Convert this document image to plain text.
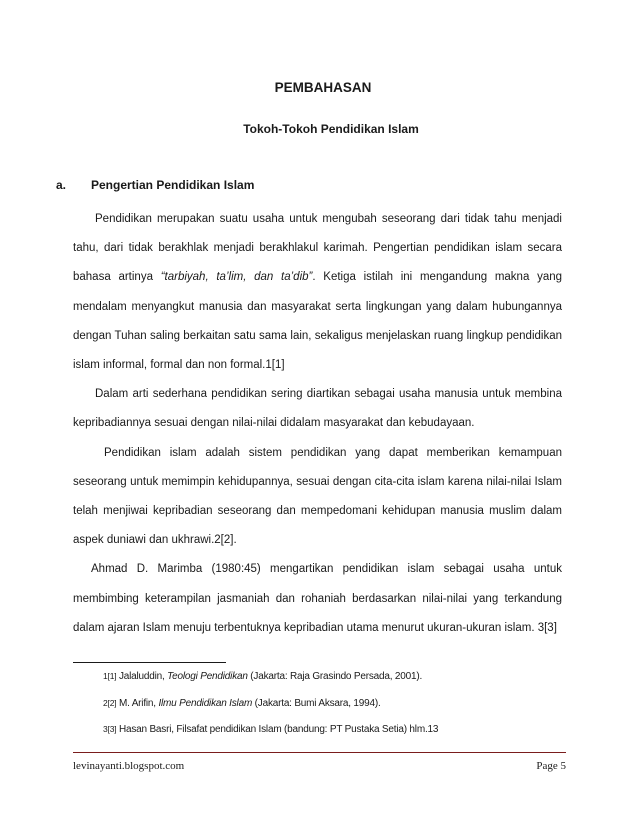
PEMBAHASAN
Tokoh-Tokoh Pendidikan Islam
a. Pengertian Pendidikan Islam

Pendidikan merupakan suatu usaha untuk mengubah seseorang dari tidak tahu menjadi tahu, dari tidak berakhlak menjadi berakhlakul karimah. Pengertian pendidikan islam secara bahasa artinya “tarbiyah, ta’lim, dan ta’dib”. Ketiga istilah ini mengandung makna yang mendalam menyangkut manusia dan masyarakat serta lingkungan yang dalam hubungannya dengan Tuhan saling berkaitan satu sama lain, sekaligus menjelaskan ruang lingkup pendidikan islam informal, formal dan non formal.1[1]

Dalam arti sederhana pendidikan sering diartikan sebagai usaha manusia untuk membina kepribadiannya sesuai dengan nilai-nilai didalam masyarakat dan kebudayaan.

Pendidikan islam adalah sistem pendidikan yang dapat memberikan kemampuan seseorang untuk memimpin kehidupannya, sesuai dengan cita-cita islam karena nilai-nilai Islam telah menjiwai kepribadian seseorang dan mempedomani kehidupan manusia muslim dalam aspek duniawi dan ukhrawi.2[2].

Ahmad D. Marimba (1980:45) mengartikan pendidikan islam sebagai usaha untuk membimbing keterampilan jasmaniah dan rohaniah berdasarkan nilai-nilai yang terkandung dalam ajaran Islam menuju terbentuknya kepribadian utama menurut ukuran-ukuran islam. 3[3]

1[1] Jalaluddin, Teologi Pendidikan (Jakarta: Raja Grasindo Persada, 2001).
2[2] M. Arifin, Ilmu Pendidikan Islam (Jakarta: Bumi Aksara, 1994).
3[3] Hasan Basri, Filsafat pendidikan Islam (bandung: PT Pustaka Setia) hlm.13
levinayanti.blogspot.com	Page 5
